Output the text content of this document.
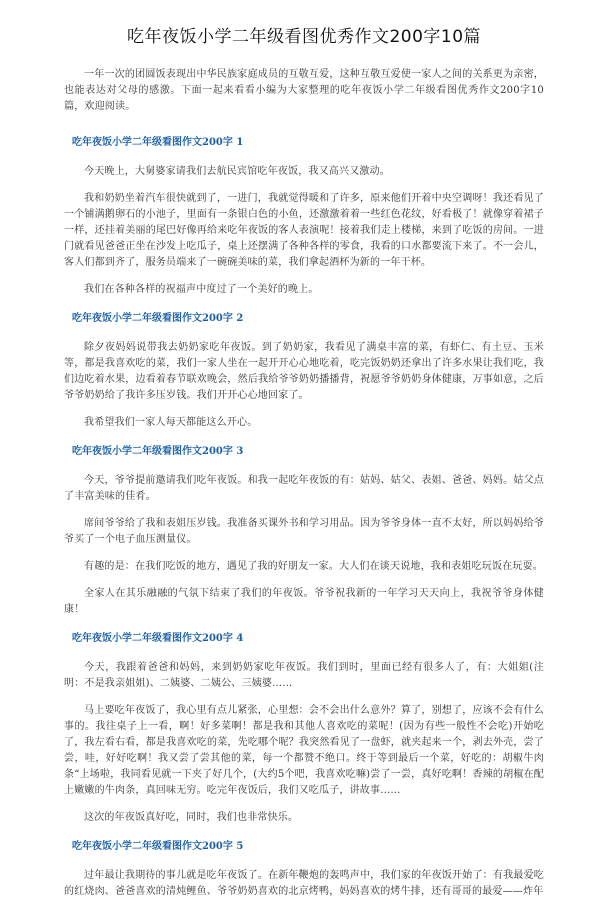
吃年夜饭小学二年级看图优秀作文200字10篇

一年一次的团圆饭表现出中华民族家庭成员的互敬互爱，这种互敬互爱使一家人之间的关系更为亲密，也能表达对父母的感激。下面一起来看看小编为大家整理的吃年夜饭小学二年级看图优秀作文200字10篇，欢迎阅读。

吃年夜饭小学二年级看图作文200字 1

今天晚上，大舅婆家请我们去航民宾馆吃年夜饭，我又高兴又激动。

我和奶奶坐着汽车很快就到了，一进门，我就觉得暖和了许多，原来他们开着中央空调呀！我还看见了一个铺满鹅卵石的小池子，里面有一条银白色的小鱼，还激激着着一些红色花纹，好看极了！就像穿着裙子一样，还挂着美丽的尾巴好像再给来吃年夜饭的客人表演呢！接着我们走上楼梯，来到了吃饭的房间。一进门就看见爸爸正坐在沙发上吃瓜子，桌上还摆满了各种各样的零食，我看的口水都要流下来了。不一会儿，客人们都到齐了，服务员端来了一碗碗美味的菜，我们拿起酒杯为新的一年干杯。

我们在各种各样的祝福声中度过了一个美好的晚上。

吃年夜饭小学二年级看图作文200字 2

除夕夜妈妈说带我去奶奶家吃年夜饭。到了奶奶家，我看见了满桌丰富的菜，有虾仁、有土豆、玉米等，都是我喜欢吃的菜，我们一家人坐在一起开开心心地吃着，吃完饭奶奶还拿出了许多水果让我们吃，我们边吃着水果，边看着春节联欢晚会，然后我给爷爷奶奶播播背，祝愿爷爷奶奶身体健康，万事如意，之后爷爷奶奶给了我许多压岁钱。我们开开心心地回家了。

我希望我们一家人每天都能这么开心。

吃年夜饭小学二年级看图作文200字 3

今天，爷爷提前邀请我们吃年夜饭。和我一起吃年夜饭的有：姑妈、姑父、表姐、爸爸、妈妈。姑父点了丰富美味的佳肴。

席间爷爷给了我和表姐压岁钱。我准备买课外书和学习用品。因为爷爷身体一直不太好，所以妈妈给爷爷买了一个电子血压测量仪。

有趣的是：在我们吃饭的地方，遇见了我的好朋友一家。大人们在谈天说地，我和表姐吃玩饭在玩耍。

全家人在其乐融融的气氛下结束了我们的年夜饭。爷爷祝我新的一年学习天天向上，我祝爷爷身体健康！

吃年夜饭小学二年级看图作文200字 4

今天，我跟着爸爸和妈妈，来到奶奶家吃年夜饭。我们到时，里面已经有很多人了，有：大姐姐(注明：不是我亲姐姐)、二姨婆、二姨公、三姨婆……

马上要吃年夜饭了，我心里有点儿紧张，心里想：会不会出什么意外？算了，别想了，应该不会有什么事的。我往桌子上一看，啊！好多菜啊！都是我和其他人喜欢吃的菜呢！(因为有些一般性不会吃)开始吃了，我左看右看，都是我喜欢吃的菜，先吃哪个呢？我突然看见了一盘虾，就夹起来一个，剥去外壳，尝了尝，哇，好好吃啊！我又尝了尝其他的菜，每一个都赞不绝口。终于等到最后一个菜，好吃的：胡椒牛肉条“上场啦，我同看见就一下夹了好几个，(大约5个吧，我喜欢吃嘛)尝了一尝，真好吃啊！香辣的胡椒在配上嫩嫩的牛肉条，真回味无穷。吃完年夜饭后，我们又吃瓜子，讲故事……

这次的年夜饭真好吃，同时，我们也非常快乐。

吃年夜饭小学二年级看图作文200字 5

过年最让我期待的事儿就是吃年夜饭了。在新年鞭炮的轰鸣声中，我们家的年夜饭开始了：有我最爱吃的红烧肉、爸爸喜欢的清炖鲤鱼、爷爷奶奶喜欢的北京烤鸭，妈妈喜欢的烤牛排，还有哥哥的最爱——炸年
